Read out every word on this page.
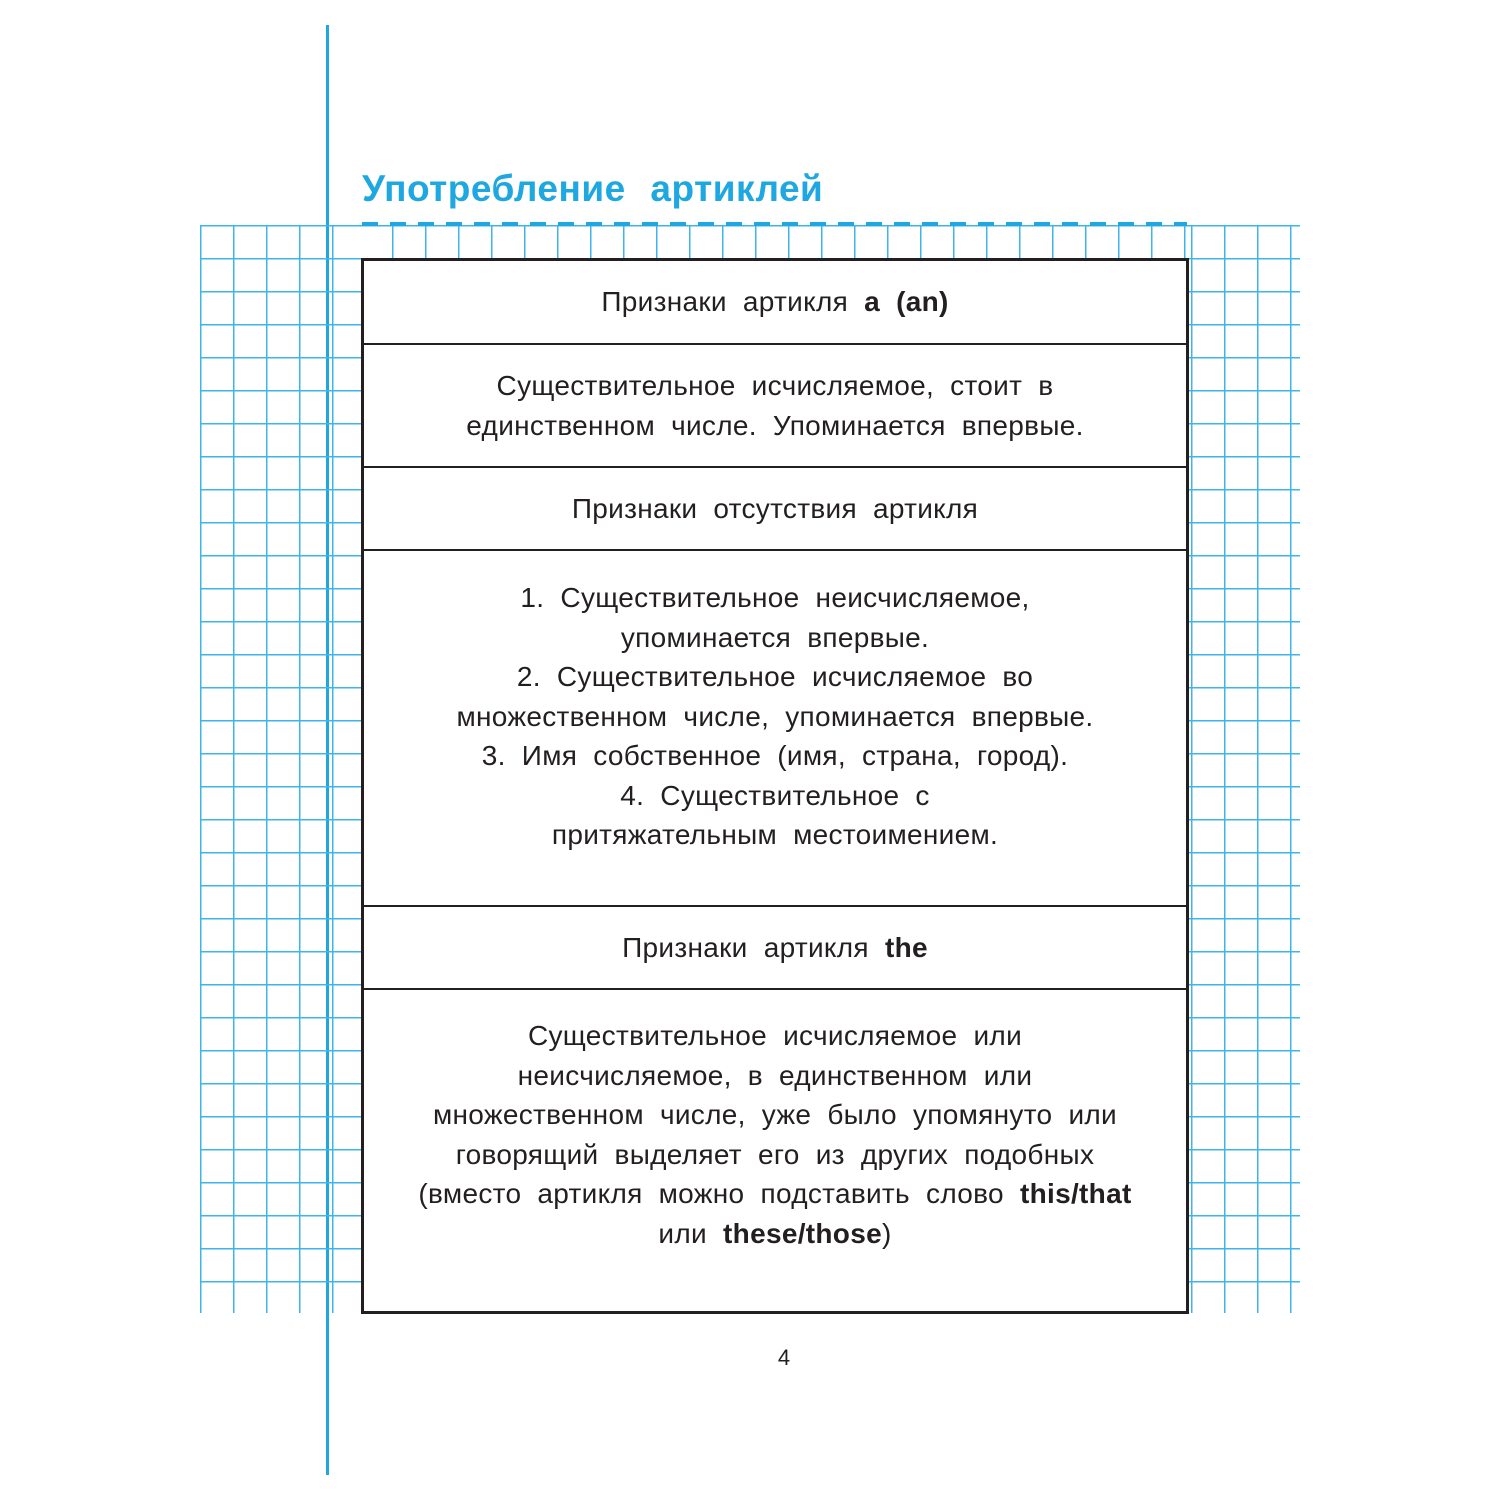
Употребление артиклей

Признаки артикля a (an)

Существительное исчисляемое, стоит в единственном числе. Упоминается впервые.

Признаки отсутствия артикля

1. Существительное неисчисляемое, упоминается впервые.

2. Существительное исчисляемое во множественном числе, упоминается впервые.

3. Имя собственное (имя, страна, город).

4. Существительное с притяжательным местоимением.

Признаки артикля the

Существительное исчисляемое или неисчисляемое, в единственном или множественном числе, уже было упомянуто или говорящий выделяет его из других подобных (вместо артикля можно подставить слово this/that или these/those)

4
